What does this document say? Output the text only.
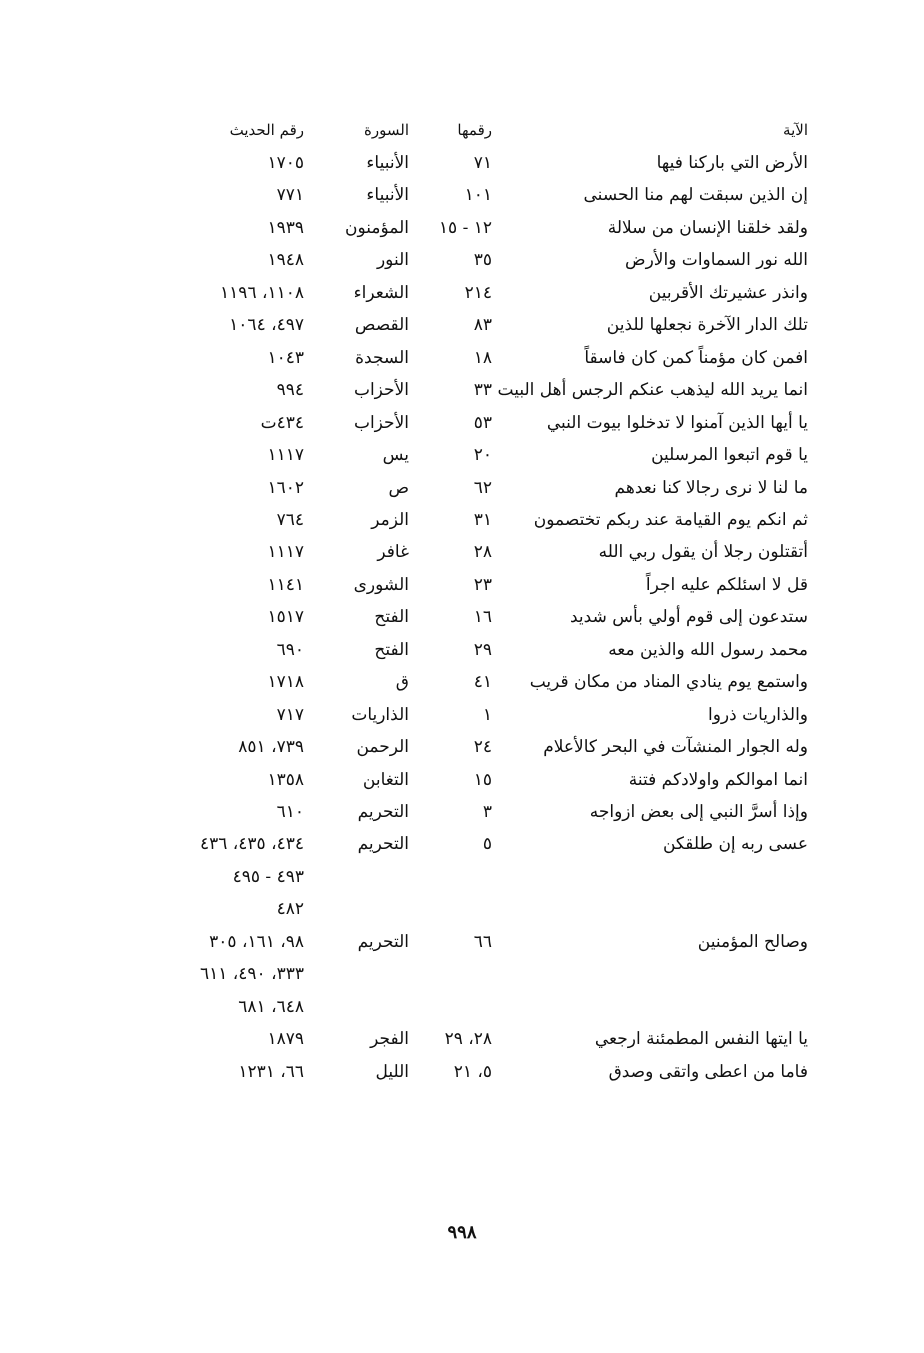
الآية
رقمها
السورة
رقم الحديث
الأرض التي باركنا فيها
٧١
الأنبياء
١٧٠٥
إن الذين سبقت لهم منا الحسنى
١٠١
الأنبياء
٧٧١
ولقد خلقنا الإنسان من سلالة
١٢ - ١٥
المؤمنون
١٩٣٩
الله نور السماوات والأرض
٣٥
النور
١٩٤٨
وانذر عشيرتك الأقربين
٢١٤
الشعراء
١١٠٨، ١١٩٦
تلك الدار الآخرة نجعلها للذين
٨٣
القصص
٤٩٧، ١٠٦٤
افمن كان مؤمناً كمن كان فاسقاً
١٨
السجدة
١٠٤٣
انما يريد الله ليذهب عنكم الرجس أهل البيت
٣٣
الأحزاب
٩٩٤
يا أيها الذين آمنوا لا تدخلوا بيوت النبي
٥٣
الأحزاب
٤٣٤ت
يا قوم اتبعوا المرسلين
٢٠
يس
١١١٧
ما لنا لا نرى رجالا كنا نعدهم
٦٢
ص
١٦٠٢
ثم انكم يوم القيامة عند ربكم تختصمون
٣١
الزمر
٧٦٤
أتقتلون رجلا أن يقول ربي الله
٢٨
غافر
١١١٧
قل لا اسئلكم عليه اجراً
٢٣
الشورى
١١٤١
ستدعون إلى قوم أولي بأس شديد
١٦
الفتح
١٥١٧
محمد رسول الله والذين معه
٢٩
الفتح
٦٩٠
واستمع يوم ينادي المناد من مكان قريب
٤١
ق
١٧١٨
والذاريات ذروا
١
الذاريات
٧١٧
وله الجوار المنشآت في البحر كالأعلام
٢٤
الرحمن
٧٣٩، ٨٥١
انما اموالكم واولادكم فتنة
١٥
التغابن
١٣٥٨
وإذا أسرَّ النبي إلى بعض ازواجه
٣
التحريم
٦١٠
عسى ربه إن طلقكن
٥
التحريم
٤٣٤، ٤٣٥، ٤٣٦
٤٩٣ - ٤٩٥
٤٨٢
وصالح المؤمنين
٦٦
التحريم
٩٨، ١٦١، ٣٠٥
٣٣٣، ٤٩٠، ٦١١
٦٤٨، ٦٨١
يا ايتها النفس المطمئنة ارجعي
٢٨، ٢٩
الفجر
١٨٧٩
فاما من اعطى واتقى وصدق
٥، ٢١
الليل
٦٦، ١٢٣١
٩٩٨
